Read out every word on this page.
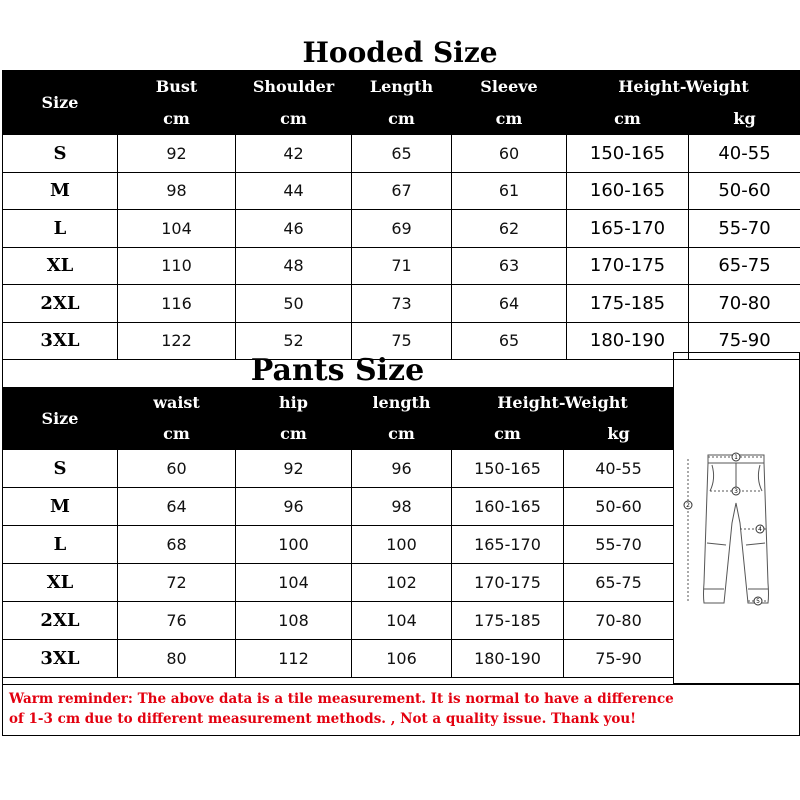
Hooded Size
Size	Bust	Shoulder	Length	Sleeve	Height-Weight	
	cm	cm	cm	cm	cm	kg
S	92	42	65	60	150-165	40-55
M	98	44	67	61	160-165	50-60
L	104	46	69	62	165-170	55-70
XL	110	48	71	63	170-175	65-75
2XL	116	50	73	64	175-185	70-80
3XL	122	52	75	65	180-190	75-90
Pants Size
Size	waist	hip	length	Height-Weight	
	cm	cm	cm	cm	kg
S	60	92	96	150-165	40-55
M	64	96	98	160-165	50-60
L	68	100	100	165-170	55-70
XL	72	104	102	170-175	65-75
2XL	76	108	104	175-185	70-80
3XL	80	112	106	180-190	75-90
1
2
3
4
5
Warm reminder: The above data is a tile measurement. It is normal to have a difference of 1-3 cm due to different measurement methods. , Not a quality issue. Thank you!
